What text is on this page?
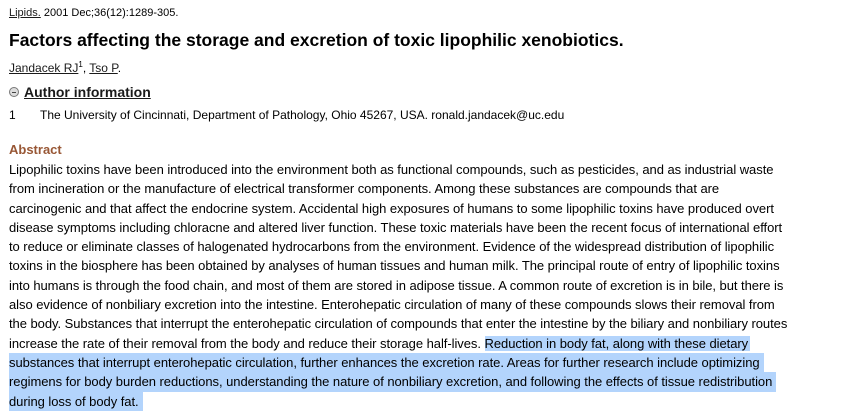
Lipids. 2001 Dec;36(12):1289-305.
Factors affecting the storage and excretion of toxic lipophilic xenobiotics.
Jandacek $RJ^1$, Tso P.
Author information
1 The University of Cincinnati, Department of Pathology, Ohio 45267, USA. ronald.jandacek@uc.edu
Abstract
Lipophilic toxins have been introduced into the environment both as functional compounds, such as pesticides, and as industrial waste
from incineration or the manufacture of electrical transformer components. Among these substances are compounds that are
carcinogenic and that affect the endocrine system. Accidental high exposures of humans to some lipophilic toxins have produced overt
disease symptoms including chloracne and altered liver function. These toxic materials have been the recent focus of international effort
to reduce or eliminate classes of halogenated hydrocarbons from the environment. Evidence of the widespread distribution of lipophilic
toxins in the biosphere has been obtained by analyses of human tissues and human milk. The principal route of entry of lipophilic toxins
into humans is through the food chain, and most of them are stored in adipose tissue. A common route of excretion is in bile, but there is
also evidence of nonbiliary excretion into the intestine. Enterohepatic circulation of many of these compounds slows their removal from
the body. Substances that interrupt the enterohepatic circulation of compounds that enter the intestine by the biliary and nonbiliary routes
increase the rate of their removal from the body and reduce their storage half-lives. Reduction in body fat, along with these dietary
substances that interrupt enterohepatic circulation, further enhances the excretion rate. Areas for further research include optimizing
regimens for body burden reductions, understanding the nature of nonbiliary excretion, and following the effects of tissue redistribution
during loss of body fat.
